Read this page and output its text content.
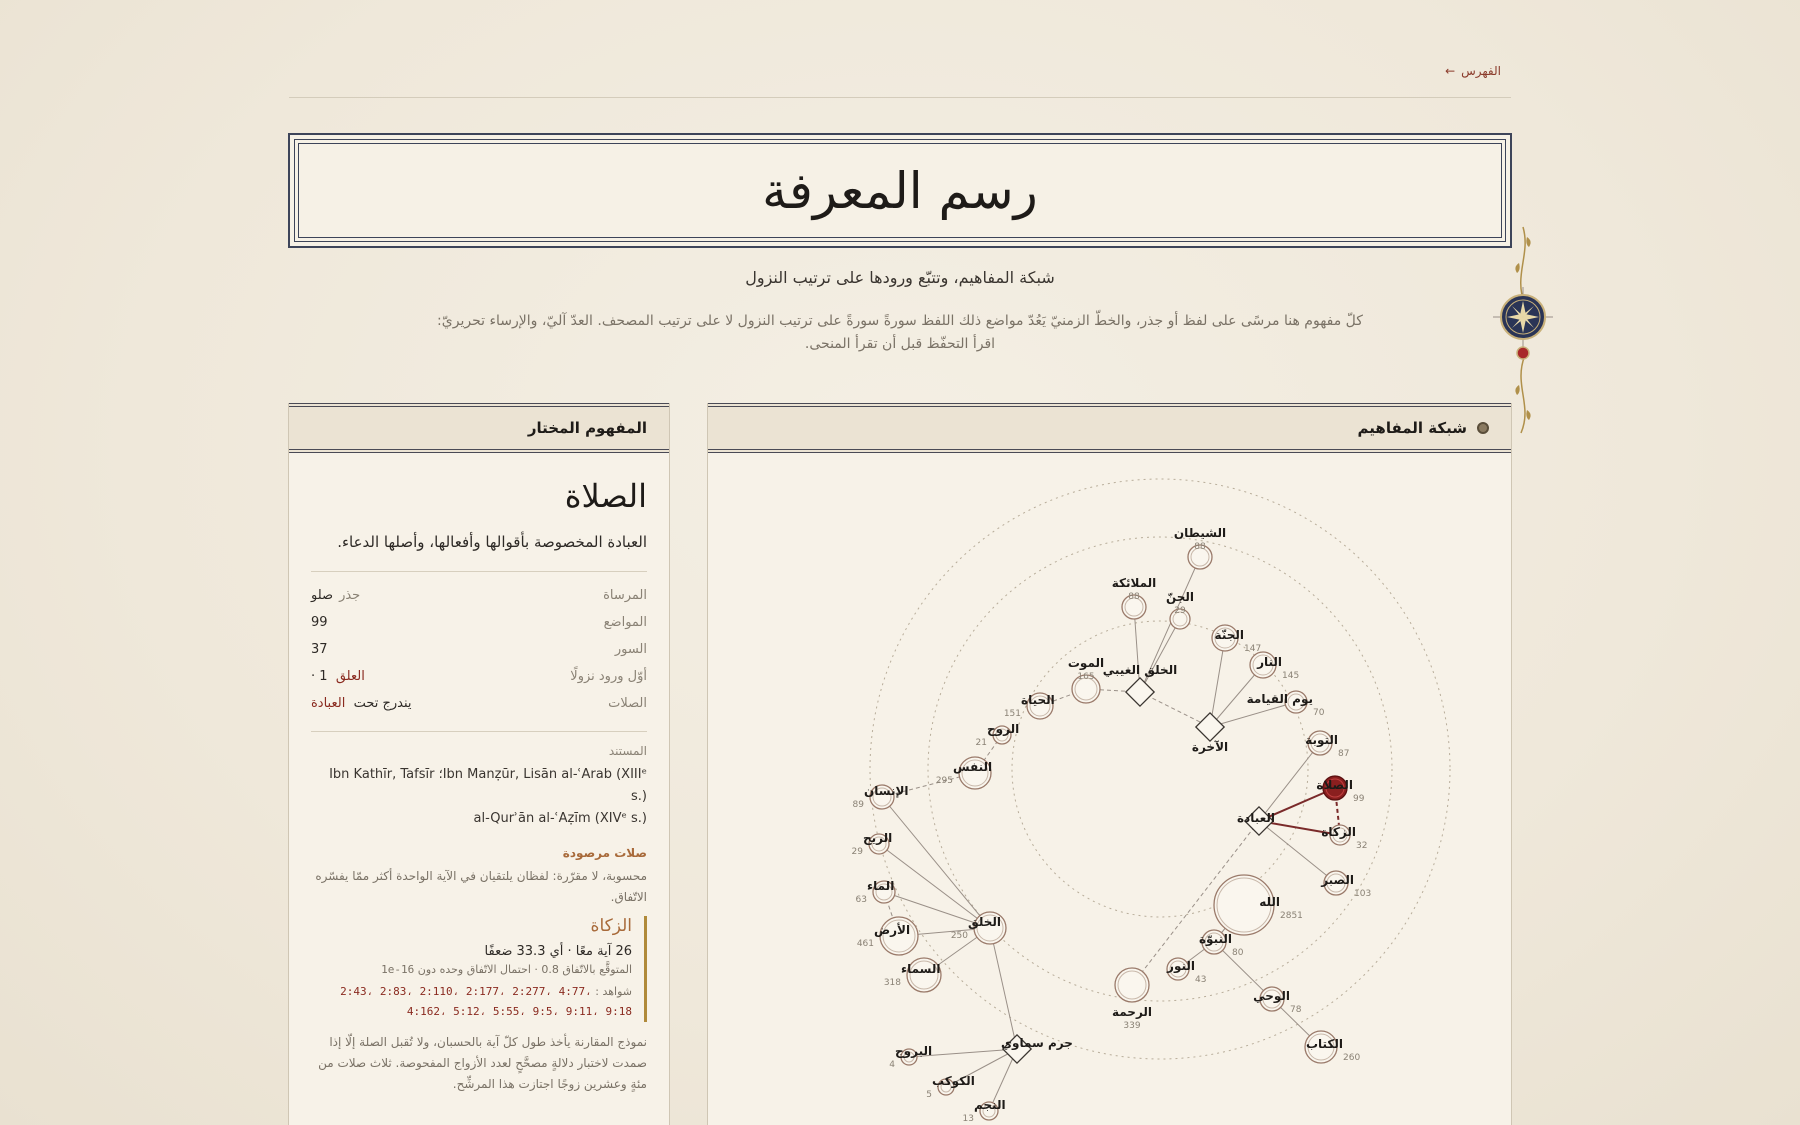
الفهرس
←
رسم المعرفة
شبكة المفاهيم، وتتبّع ورودها على ترتيب النزول
كلّ مفهوم هنا مرسًى على لفظ أو جذر، والخطّ الزمنيّ يَعُدّ مواضع ذلك اللفظ سورةً سورةً على ترتيب النزول لا على ترتيب المصحف. العدّ آليّ، والإرساء تحريريّ:
اقرأ التحفّظ قبل أن تقرأ المنحى.
شبكة المفاهيم
الشيطان
88
الملائكة
88 الجنّ
29
الجنّة
147
النار
145
الموت
165 الخلق الغيبي
يوم القيامة
70
الحياة
151
الآخرة
الروح
21	التوبة
87
النفس
295	الصلاة
99
الإنسان
89
العبادة
الزكاة
32
الريح
29
الصبر
103
الله
2851
الماء
63
الخلق
250
الأرض
461	النبوّة
80
النور
43
السماء
318
الوحي
78
الرحمة
339
الكتاب
260
جرم سماوي
البروج
4
الكوكب
5
النجم
13
المفهوم المختار
الصلاة
العبادة المخصوصة بأقوالها وأفعالها، وأصلها الدعاء.
المرساة
جذرصلو
المواضع
99
السور
37
أوّل ورود نزولًا
العلق  1 ·
الصلات
يندرج تحت  العبادة
المستند
Ibn Kathīr, Tafsīr ؛Ibn Manẓūr, Lisān al-ʿArab (XIIIᵉ s.)
al-Qurʾān al-ʿAẓīm (XIVᵉ s.)
صلات مرصودة
محسوبة، لا مقرّرة: لفظان يلتقيان في الآية الواحدة أكثر ممّا يفسّره الاتّفاق.
الزكاة
26 آية معًا · أي 33.3 ضعفًا
المتوقَّع بالاتّفاق 0.8 · احتمال الاتّفاق وحده دون 1e-16
شواهد : 2:43، 2:83، 2:110، 2:177، 2:277، 4:77،
4:162، 5:12، 5:55، 9:5، 9:11، 9:18
نموذج المقارنة يأخذ طول كلّ آية بالحسبان، ولا تُقبل الصلة إلّا إذا صمدت لاختبار دلالةٍ مصحَّحٍ لعدد الأزواج المفحوصة. ثلاث صلات من مئةٍ وعشرين زوجًا اجتازت هذا المرشِّح.
